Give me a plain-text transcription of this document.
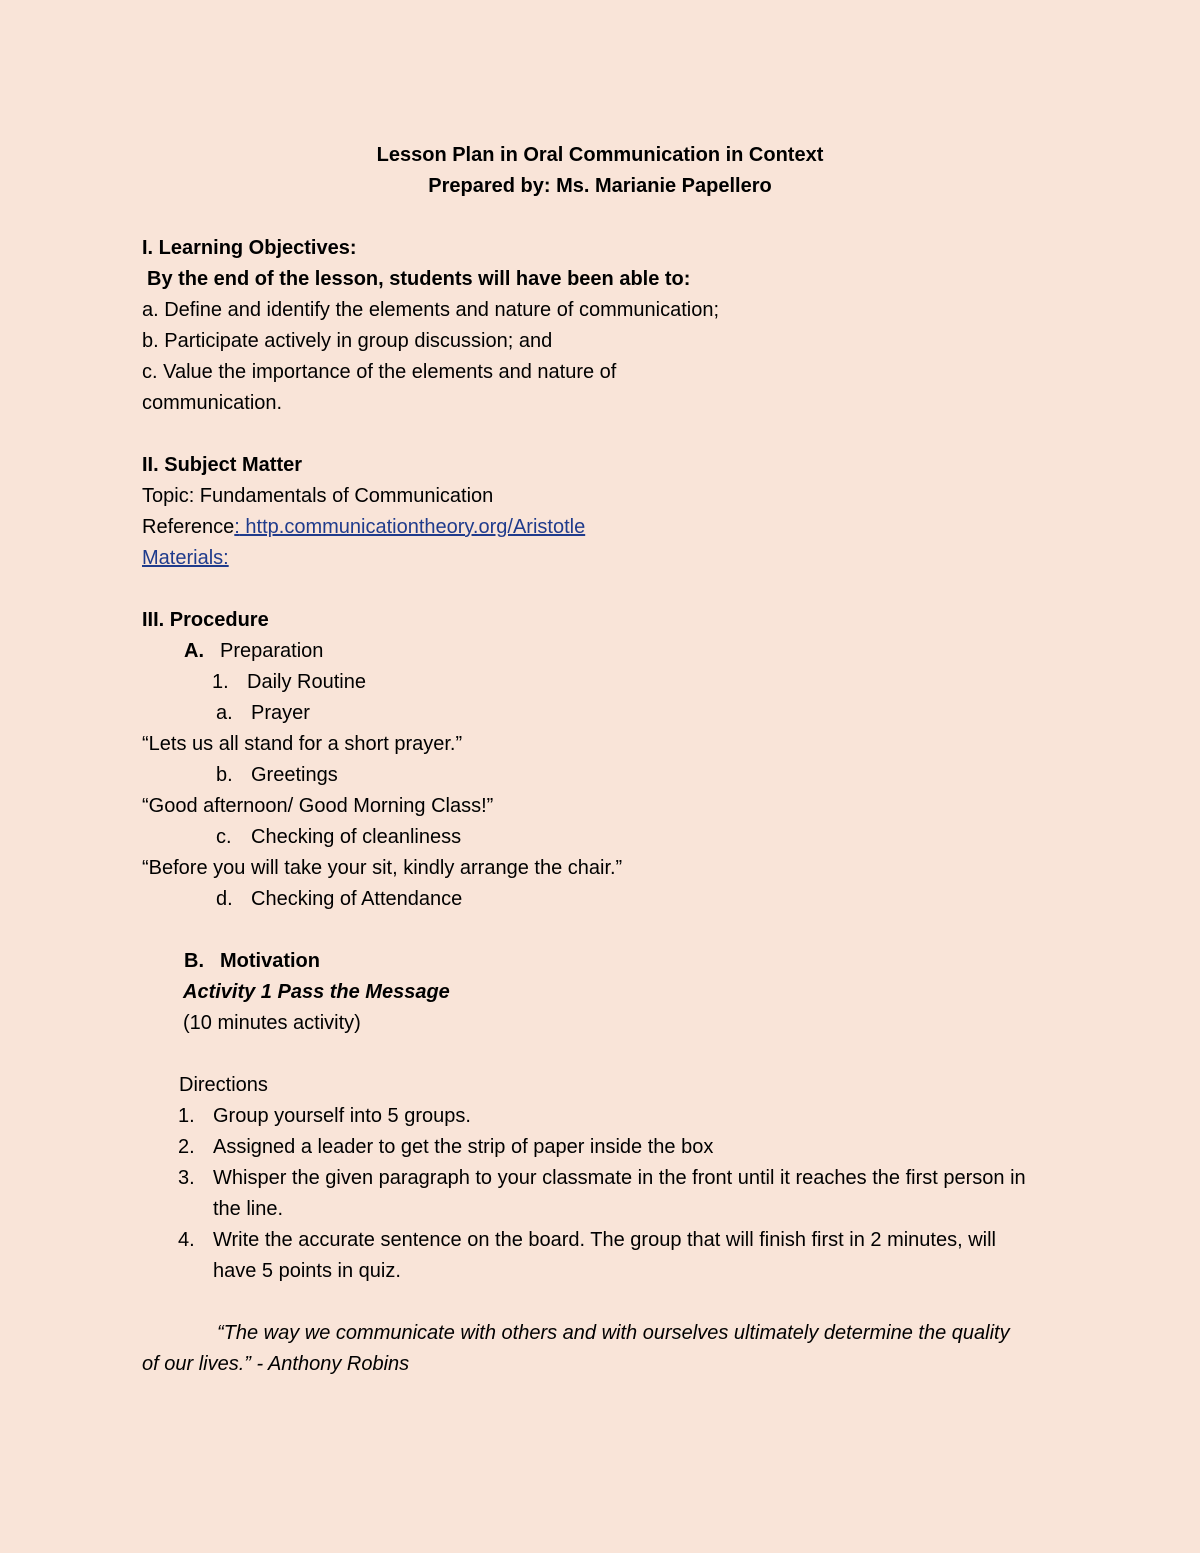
Lesson Plan in Oral Communication in Context
Prepared by: Ms. Marianie Papellero
I. Learning Objectives:
By the end of the lesson, students will have been able to:
a. Define and identify the elements and nature of communication;
b. Participate actively in group discussion; and
c. Value the importance of the elements and nature of
communication.
II. Subject Matter
Topic: Fundamentals of Communication
Reference: http.communicationtheory.org/Aristotle
Materials:
III. Procedure
A. Preparation
1. Daily Routine
a. Prayer
“Lets us all stand for a short prayer.”
b. Greetings
“Good afternoon/ Good Morning Class!”
c. Checking of cleanliness
“Before you will take your sit, kindly arrange the chair.”
d. Checking of Attendance
B. Motivation
Activity 1 Pass the Message
(10 minutes activity)
Directions
1. Group yourself into 5 groups.
2. Assigned a leader to get the strip of paper inside the box
3. Whisper the given paragraph to your classmate in the front until it reaches the first person in the line.
4. Write the accurate sentence on the board. The group that will finish first in 2 minutes, will have 5 points in quiz.
“The way we communicate with others and with ourselves ultimately determine the quality of our lives.” - Anthony Robins
